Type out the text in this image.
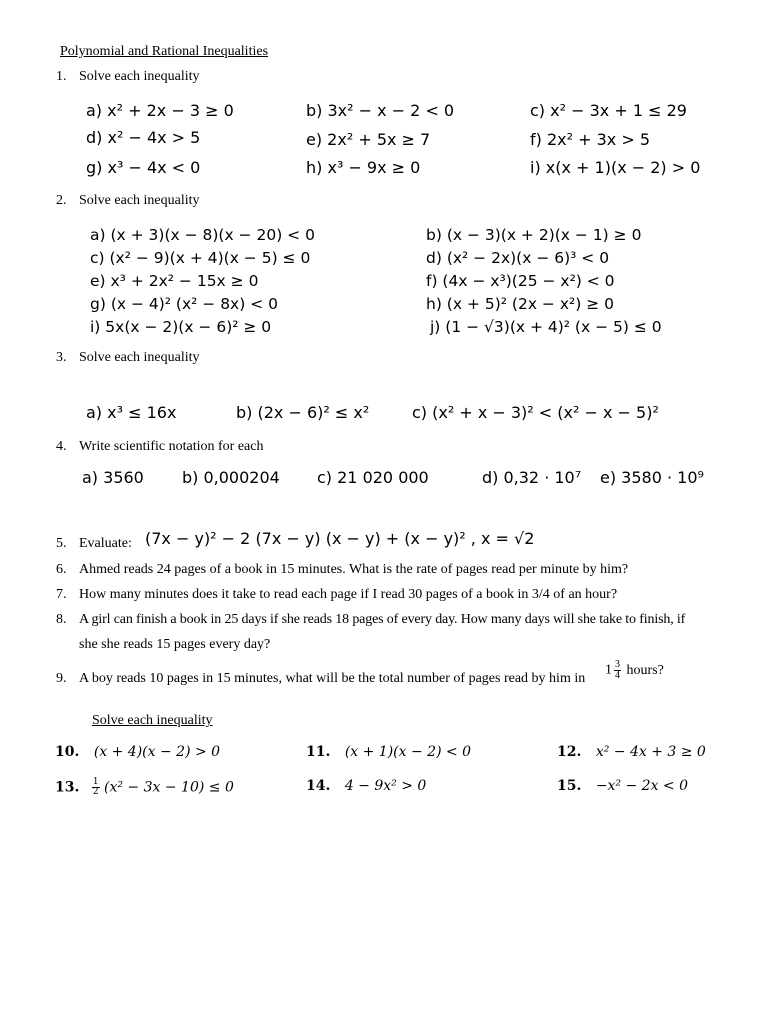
Polynomial and Rational Inequalities
1. Solve each inequality
a) x² + 2x − 3 ≥ 0	b) 3x² − x − 2 < 0	c) x² − 3x + 1 ≤ 29
d) x² − 4x > 5	e) 2x² + 5x ≥ 7	f) 2x² + 3x > 5
g) x³ − 4x < 0	h) x³ − 9x ≥ 0	i) x(x + 1)(x − 2) > 0
2. Solve each inequality
a) (x + 3)(x − 8)(x − 20) < 0	b) (x − 3)(x + 2)(x − 1) ≥ 0
c) (x² − 9)(x + 4)(x − 5) ≤ 0	d) (x² − 2x)(x − 6)³ < 0
e) x³ + 2x² − 15x ≥ 0	f) (4x − x³)(25 − x²) < 0
g) (x − 4)² (x² − 8x) < 0	h) (x + 5)² (2x − x²) ≥ 0
i) 5x(x − 2)(x − 6)² ≥ 0	j) (1 − √3)(x + 4)² (x − 5) ≤ 0
3. Solve each inequality
a) x³ ≤ 16x	b) (2x − 6)² ≤ x²	c) (x² + x − 3)² < (x² − x − 5)²
4. Write scientific notation for each
a) 3560 b) 0,000204 c) 21 020 000	d) 0,32 · 10⁷ e) 3580 · 10⁹
5. Evaluate: (7x − y)² − 2 (7x − y) (x − y) + (x − y)² , x = √2
6. Ahmed reads 24 pages of a book in 15 minutes. What is the rate of pages read per minute by him?
7. How many minutes does it take to read each page if I read 30 pages of a book in 3/4 of an hour?
8. A girl can finish a book in 25 days if she reads 18 pages of every day. How many days will she take to finish, if
she she reads 15 pages every day?
9. A boy reads 10 pages in 15 minutes, what will be the total number of pages read by him in
$1 \frac{3}{4}$ hours?
Solve each inequality
10. (x + 4)(x − 2) > 0	11. (x + 1)(x − 2) < 0	12. x² − 4x + 3 ≥ 0
13. $\frac{1}{2} (x^2 - 3x - 10) \le 0$	14. 4 − 9x² > 0	15. −x² − 2x < 0
